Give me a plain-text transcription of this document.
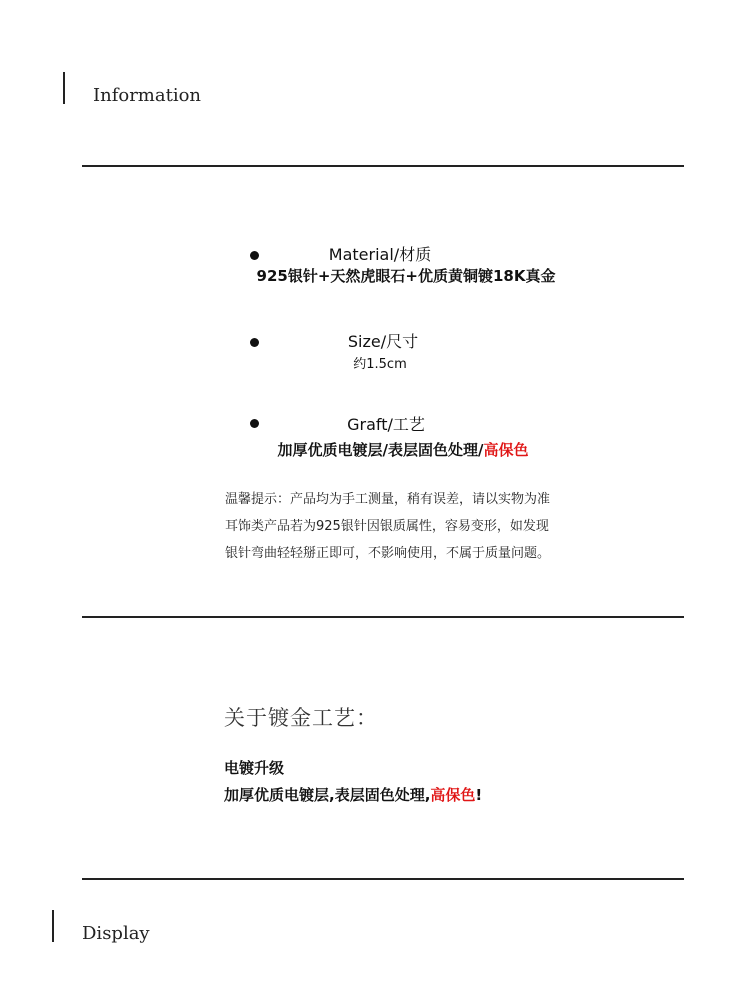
Information
Material/材质
925银针+天然虎眼石+优质黄铜镀18K真金
Size/尺寸
约1.5cm
Graft/工艺
加厚优质电镀层/表层固色处理/高保色
温馨提示：产品均为手工测量，稍有误差，请以实物为准
耳饰类产品若为925银针因银质属性，容易变形，如发现
银针弯曲轻轻掰正即可，不影响使用，不属于质量问题。
关于镀金工艺：
电镀升级
加厚优质电镀层,表层固色处理,高保色!
Display
